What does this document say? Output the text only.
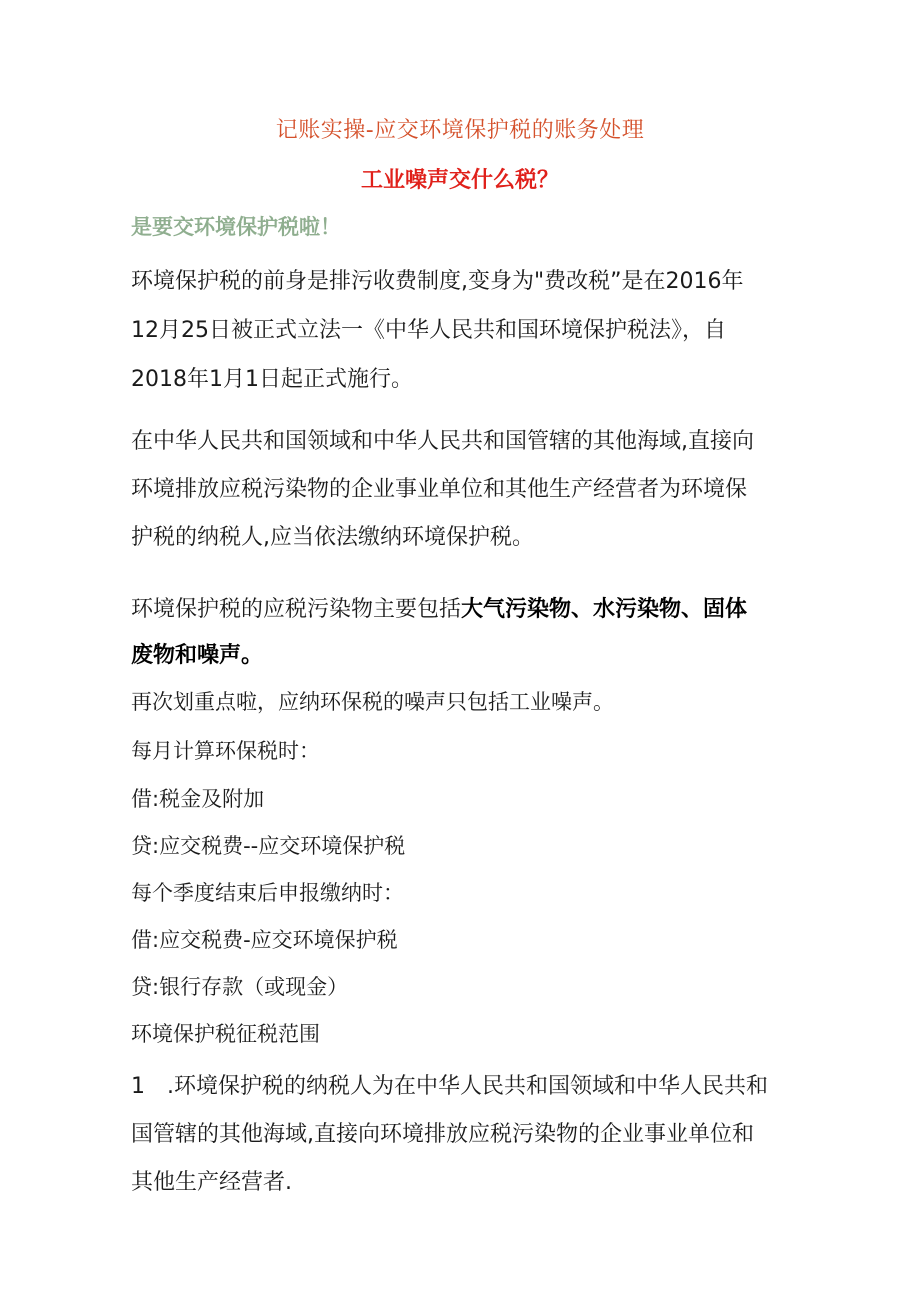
记账实操-应交环境保护税的账务处理
工业噪声交什么税？
是要交环境保护税啦！
环境保护税的前身是排污收费制度,变身为"费改税”是在2016年
12月25日被正式立法一《中华人民共和国环境保护税法》，自
2018年1月1日起正式施行。
在中华人民共和国领域和中华人民共和国管辖的其他海域,直接向
环境排放应税污染物的企业事业单位和其他生产经营者为环境保
护税的纳税人,应当依法缴纳环境保护税。
环境保护税的应税污染物主要包括大气污染物、水污染物、固体
废物和噪声。
再次划重点啦，应纳环保税的噪声只包括工业噪声。
每月计算环保税时：
借:税金及附加
贷:应交税费--应交环境保护税
每个季度结束后申报缴纳时：
借:应交税费-应交环境保护税
贷:银行存款（或现金）
环境保护税征税范围
1　.环境保护税的纳税人为在中华人民共和国领域和中华人民共和
国管辖的其他海域,直接向环境排放应税污染物的企业事业单位和
其他生产经营者.
